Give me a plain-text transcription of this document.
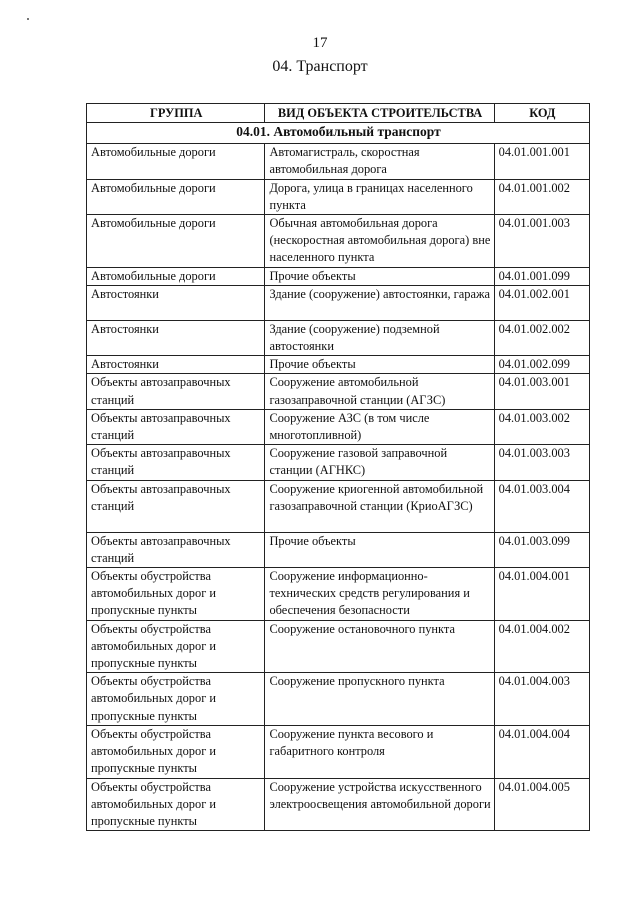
17
04. Транспорт
ГРУППА	ВИД ОБЪЕКТА СТРОИТЕЛЬСТВА	КОД
04.01. Автомобильный транспорт		
Автомобильные дороги	Автомагистраль, скоростная автомобильная дорога	04.01.001.001
Автомобильные дороги	Дорога, улица в границах населенного пункта	04.01.001.002
Автомобильные дороги	Обычная автомобильная дорога (нескоростная автомобильная дорога) вне населенного пункта	04.01.001.003
Автомобильные дороги	Прочие объекты	04.01.001.099
Автостоянки	Здание (сооружение) автостоянки, гаража	04.01.002.001
Автостоянки	Здание (сооружение) подземной автостоянки	04.01.002.002
Автостоянки	Прочие объекты	04.01.002.099
Объекты автозаправочных станций	Сооружение автомобильной газозаправочной станции (АГЗС)	04.01.003.001
Объекты автозаправочных станций	Сооружение АЗС (в том числе многотопливной)	04.01.003.002
Объекты автозаправочных станций	Сооружение газовой заправочной станции (АГНКС)	04.01.003.003
Объекты автозаправочных станций	Сооружение криогенной автомобильной газозаправочной станции (КриоАГЗС)	04.01.003.004
Объекты автозаправочных станций	Прочие объекты	04.01.003.099
Объекты обустройства автомобильных дорог и пропускные пункты	Сооружение информационно-технических средств регулирования и обеспечения безопасности	04.01.004.001
Объекты обустройства автомобильных дорог и пропускные пункты	Сооружение остановочного пункта	04.01.004.002
Объекты обустройства автомобильных дорог и пропускные пункты	Сооружение пропускного пункта	04.01.004.003
Объекты обустройства автомобильных дорог и пропускные пункты	Сооружение пункта весового и габаритного контроля	04.01.004.004
Объекты обустройства автомобильных дорог и пропускные пункты	Сооружение устройства искусственного электроосвещения автомобильной дороги	04.01.004.005
